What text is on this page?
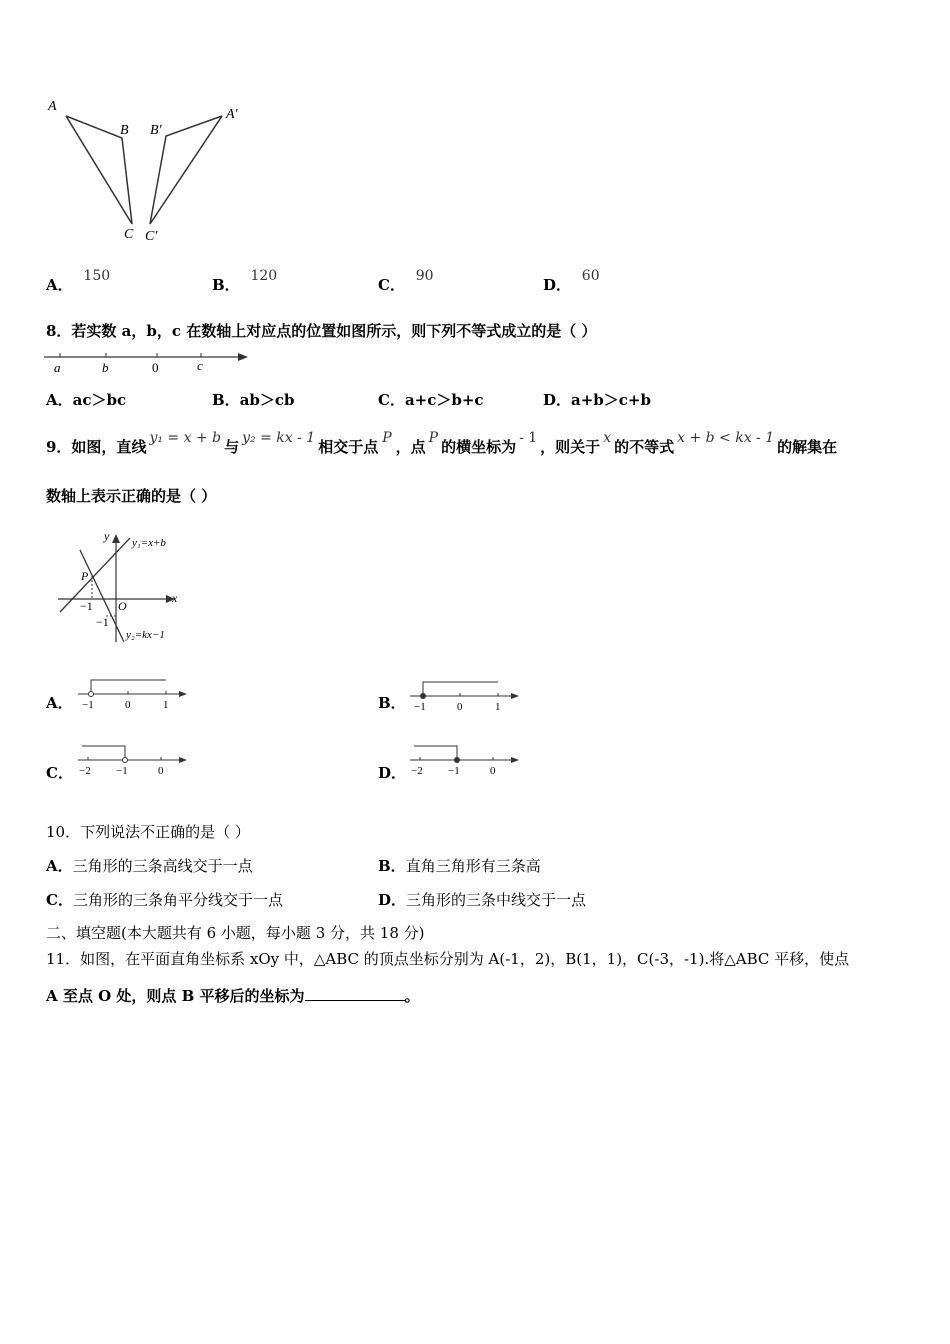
A
B
C
A′
B′
C′
A． 150	B． 120	C． 90	D． 60
8．若实数 a，b，c 在数轴上对应点的位置如图所示，则下列不等式成立的是（ ）
a	b	0	c
A．ac＞bc	B．ab＞cb	C．a+c＞b+c	D．a+b＞c+b
9．如图，直线 y₁ = x + b 与 y₂ = kx - 1 相交于点 P ，点 P 的横坐标为 - 1 ，则关于 x 的不等式 x + b < kx - 1 的解集在
数轴上表示正确的是（ ）
y
x
y₁=x+b
y₂=kx−1
P
O
−1
−1
A． −1	0	1	B． −1	0	1
C． −2 −1	0	D． −2 −1	0
10．下列说法不正确的是（ ）
A．三角形的三条高线交于一点	B．直角三角形有三条高
C．三角形的三条角平分线交于一点	D．三角形的三条中线交于一点
二、填空题(本大题共有 6 小题，每小题 3 分，共 18 分)
11．如图，在平面直角坐标系 xOy 中，△ABC 的顶点坐标分别为 A(-1，2)，B(1，1)，C(-3，-1).将△ABC 平移，使点
A 至点 O 处，则点 B 平移后的坐标为	。
